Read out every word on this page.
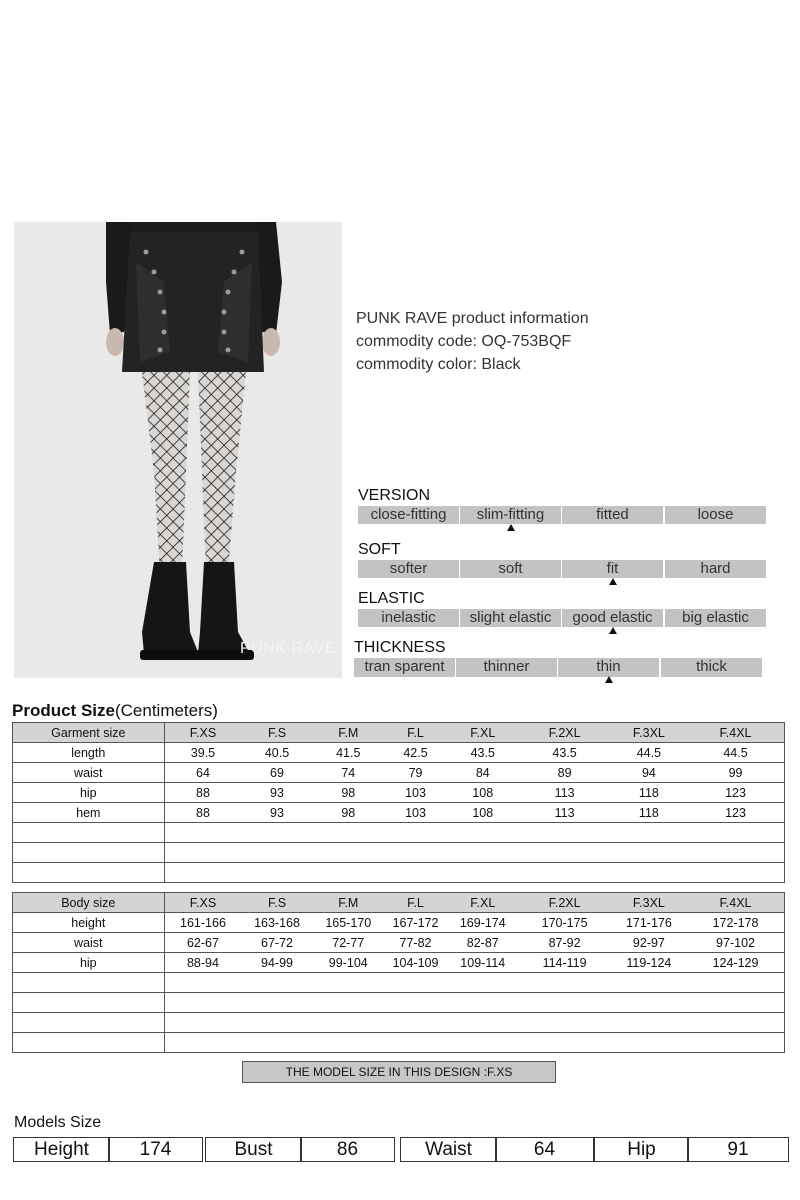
PUNK RAVE
PUNK RAVE product information
commodity code: OQ-753BQF
commodity color: Black
VERSION
close-fitting	slim-fitting	fitted	loose
SOFT
softer	soft	fit	hard
ELASTIC
inelastic	slight elastic	good elastic	big elastic
THICKNESS
tran sparent	thinner	thin	thick
Product Size(Centimeters)
Garment size	F.XS	F.S	F.M	F.L	F.XL	F.2XL	F.3XL	F.4XL
length	39.5	40.5	41.5	42.5	43.5	43.5	44.5	44.5
waist	64	69	74	79	84	89	94	99
hip	88	93	98	103	108	113	118	123
hem	88	93	98	103	108	113	118	123

Body size	F.XS	F.S	F.M	F.L	F.XL	F.2XL	F.3XL	F.4XL
height	161-166	163-168	165-170	167-172	169-174	170-175	171-176	172-178
waist	62-67	67-72	72-77	77-82	82-87	87-92	92-97	97-102
hip	88-94	94-99	99-104	104-109	109-114	114-119	119-124	124-129

THE MODEL SIZE IN THIS DESIGN :F.XS
Models Size
Height	174	Bust	86	Waist	64	Hip	91
